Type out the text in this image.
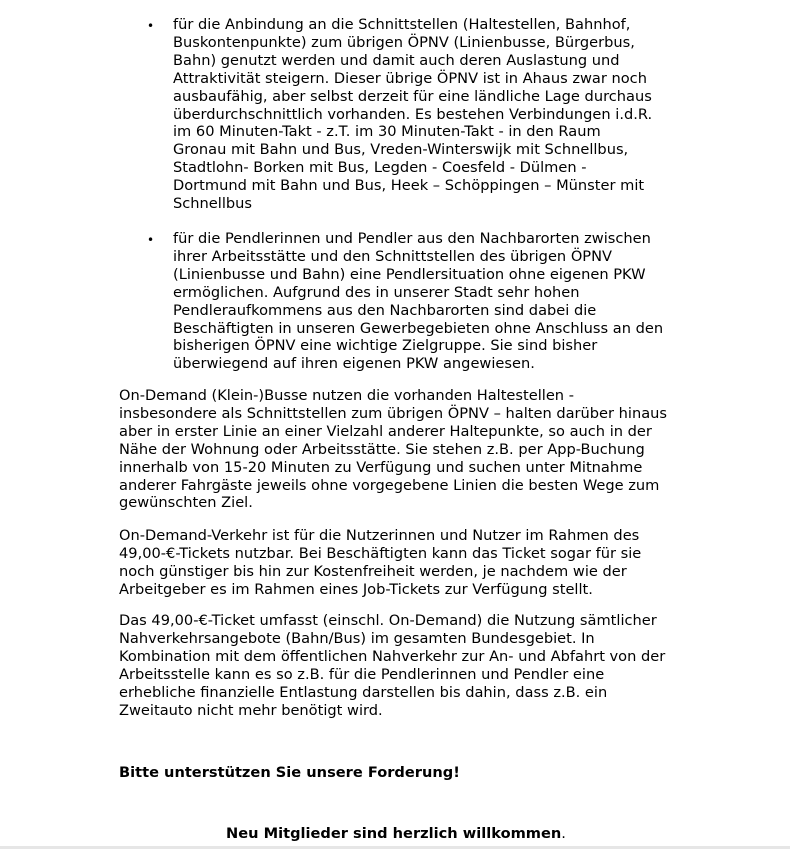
• für die Anbindung an die Schnittstellen (Haltestellen, Bahnhof,
Buskontenpunkte) zum übrigen ÖPNV (Linienbusse, Bürgerbus,
Bahn) genutzt werden und damit auch deren Auslastung und
Attraktivität steigern. Dieser übrige ÖPNV ist in Ahaus zwar noch
ausbaufähig, aber selbst derzeit für eine ländliche Lage durchaus
überdurchschnittlich vorhanden. Es bestehen Verbindungen i.d.R.
im 60 Minuten-Takt - z.T. im 30 Minuten-Takt - in den Raum
Gronau mit Bahn und Bus, Vreden-Winterswijk mit Schnellbus,
Stadtlohn- Borken mit Bus, Legden - Coesfeld - Dülmen -
Dortmund mit Bahn und Bus, Heek – Schöppingen – Münster mit
Schnellbus
• für die Pendlerinnen und Pendler aus den Nachbarorten zwischen
ihrer Arbeitsstätte und den Schnittstellen des übrigen ÖPNV
(Linienbusse und Bahn) eine Pendlersituation ohne eigenen PKW
ermöglichen. Aufgrund des in unserer Stadt sehr hohen
Pendleraufkommens aus den Nachbarorten sind dabei die
Beschäftigten in unseren Gewerbegebieten ohne Anschluss an den
bisherigen ÖPNV eine wichtige Zielgruppe. Sie sind bisher
überwiegend auf ihren eigenen PKW angewiesen.
On-Demand (Klein-)Busse nutzen die vorhanden Haltestellen -
insbesondere als Schnittstellen zum übrigen ÖPNV – halten darüber hinaus
aber in erster Linie an einer Vielzahl anderer Haltepunkte, so auch in der
Nähe der Wohnung oder Arbeitsstätte. Sie stehen z.B. per App-Buchung
innerhalb von 15-20 Minuten zu Verfügung und suchen unter Mitnahme
anderer Fahrgäste jeweils ohne vorgegebene Linien die besten Wege zum
gewünschten Ziel.
On-Demand-Verkehr ist für die Nutzerinnen und Nutzer im Rahmen des
49,00-€-Tickets nutzbar. Bei Beschäftigten kann das Ticket sogar für sie
noch günstiger bis hin zur Kostenfreiheit werden, je nachdem wie der
Arbeitgeber es im Rahmen eines Job-Tickets zur Verfügung stellt.
Das 49,00-€-Ticket umfasst (einschl. On-Demand) die Nutzung sämtlicher
Nahverkehrsangebote (Bahn/Bus) im gesamten Bundesgebiet. In
Kombination mit dem öffentlichen Nahverkehr zur An- und Abfahrt von der
Arbeitsstelle kann es so z.B. für die Pendlerinnen und Pendler eine
erhebliche finanzielle Entlastung darstellen bis dahin, dass z.B. ein
Zweitauto nicht mehr benötigt wird.
Bitte unterstützen Sie unsere Forderung!
Neu Mitglieder sind herzlich willkommen.
